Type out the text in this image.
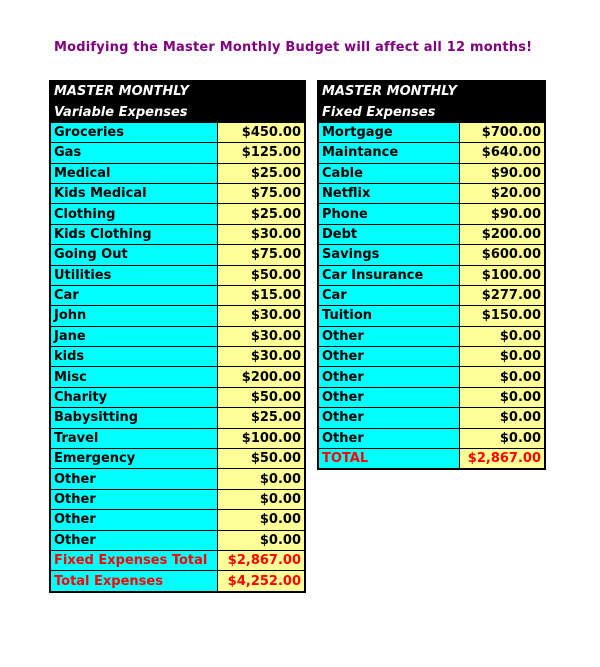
Modifying the Master Monthly Budget will affect all 12 months!
MASTER MONTHLY	
Variable Expenses	
Groceries	$450.00
Gas	$125.00
Medical	$25.00
Kids Medical	$75.00
Clothing	$25.00
Kids Clothing	$30.00
Going Out	$75.00
Utilities	$50.00
Car	$15.00
John	$30.00
Jane	$30.00
kids	$30.00
Misc	$200.00
Charity	$50.00
Babysitting	$25.00
Travel	$100.00
Emergency	$50.00
Other	$0.00
Other	$0.00
Other	$0.00
Other	$0.00
Fixed Expenses Total	$2,867.00
Total Expenses	$4,252.00
MASTER MONTHLY	
Fixed Expenses	
Mortgage	$700.00
Maintance	$640.00
Cable	$90.00
Netflix	$20.00
Phone	$90.00
Debt	$200.00
Savings	$600.00
Car Insurance	$100.00
Car	$277.00
Tuition	$150.00
Other	$0.00
Other	$0.00
Other	$0.00
Other	$0.00
Other	$0.00
Other	$0.00
TOTAL	$2,867.00
